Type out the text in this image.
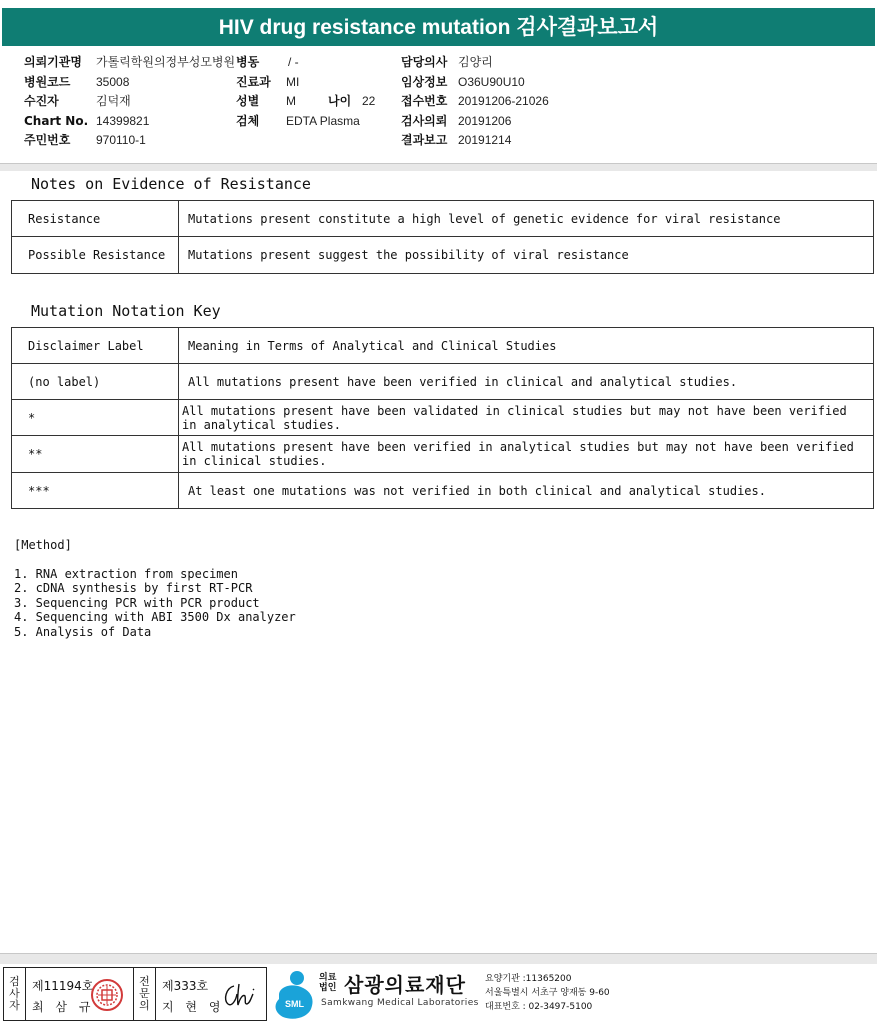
HIV drug resistance mutation 검사결과보고서
의뢰기관명	가톨릭학원의정부성모병원
병원코드	35008
수진자	김덕재
Chart No. 14399821
주민번호	970110-1
병동	/ -
진료과	MI
성별	M	나이 22
검체	EDTA Plasma
담당의사 김양리
임상정보 O36U90U10
접수번호 20191206-21026
검사의뢰 20191206
결과보고 20191214
Notes on Evidence of Resistance
Resistance	Mutations present constitute a high level of genetic evidence for viral resistance
Possible Resistance	Mutations present suggest the possibility of viral resistance
Mutation Notation Key
Disclaimer Label	Meaning in Terms of Analytical and Clinical Studies
(no label)	All mutations present have been verified in clinical and analytical studies.
*	All mutations present have been validated in clinical studies but may not have been verified in analytical studies.
**	All mutations present have been verified in analytical studies but may not have been verified in clinical studies.
***	At least one mutations was not verified in both clinical and analytical studies.
[Method]
1. RNA extraction from specimen
2. cDNA synthesis by first RT-PCR
3. Sequencing PCR with PCR product
4. Sequencing with ABI 3500 Dx analyzer
5. Analysis of Data
검
사
자
제11194호
최 삼 규
전
문
의
제333호
지 현 영	SML
의료
법인 삼광의료재단
Samkwang Medical Laboratories
요양기관 :11365200
서울특별시 서초구 양재동 9-60
대표번호 : 02-3497-5100
